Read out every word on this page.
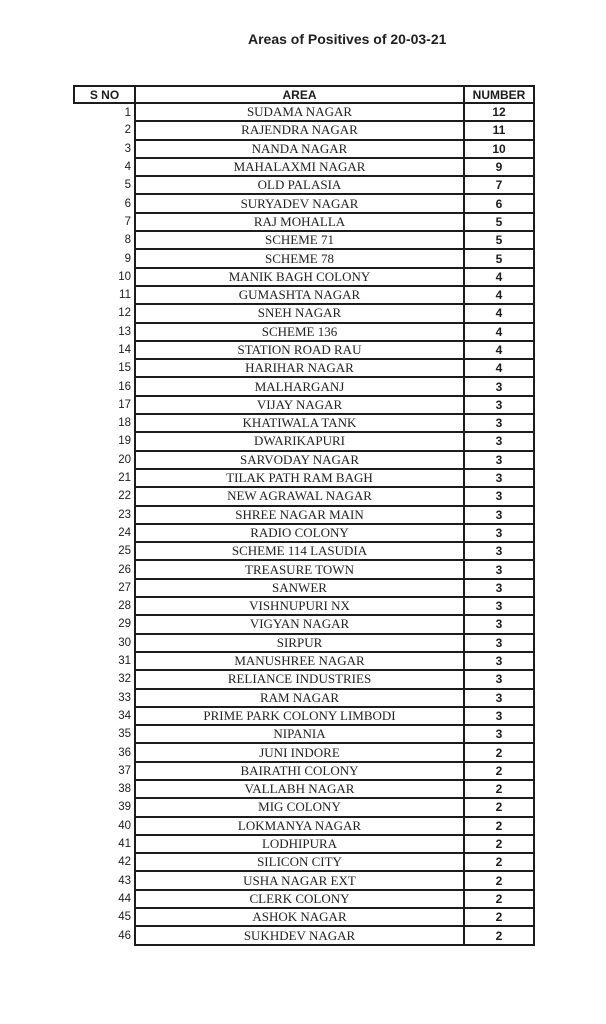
Areas of Positives of 20-03-21
S NO	AREA	NUMBER
1	SUDAMA NAGAR	12
2	RAJENDRA NAGAR	11
3	NANDA NAGAR	10
4	MAHALAXMI NAGAR	9
5	OLD PALASIA	7
6	SURYADEV NAGAR	6
7	RAJ MOHALLA	5
8	SCHEME 71	5
9	SCHEME 78	5
10	MANIK BAGH COLONY	4
11	GUMASHTA NAGAR	4
12	SNEH NAGAR	4
13	SCHEME 136	4
14	STATION ROAD RAU	4
15	HARIHAR NAGAR	4
16	MALHARGANJ	3
17	VIJAY NAGAR	3
18	KHATIWALA TANK	3
19	DWARIKAPURI	3
20	SARVODAY NAGAR	3
21	TILAK PATH RAM BAGH	3
22	NEW AGRAWAL NAGAR	3
23	SHREE NAGAR MAIN	3
24	RADIO COLONY	3
25	SCHEME 114 LASUDIA	3
26	TREASURE TOWN	3
27	SANWER	3
28	VISHNUPURI NX	3
29	VIGYAN NAGAR	3
30	SIRPUR	3
31	MANUSHREE NAGAR	3
32	RELIANCE INDUSTRIES	3
33	RAM NAGAR	3
34	PRIME PARK COLONY LIMBODI	3
35	NIPANIA	3
36	JUNI INDORE	2
37	BAIRATHI COLONY	2
38	VALLABH NAGAR	2
39	MIG COLONY	2
40	LOKMANYA NAGAR	2
41	LODHIPURA	2
42	SILICON CITY	2
43	USHA NAGAR EXT	2
44	CLERK COLONY	2
45	ASHOK NAGAR	2
46	SUKHDEV NAGAR	2
